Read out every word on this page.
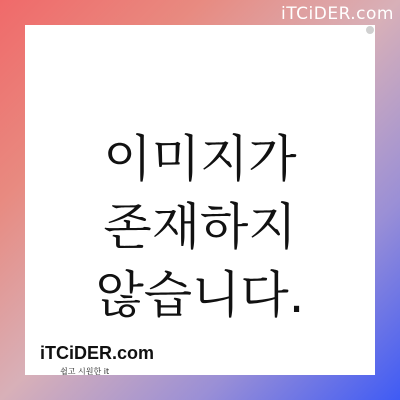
iTCiDER.com
이미지가
존재하지
않습니다.
iTCiDER.com
쉽고 시원한 it
